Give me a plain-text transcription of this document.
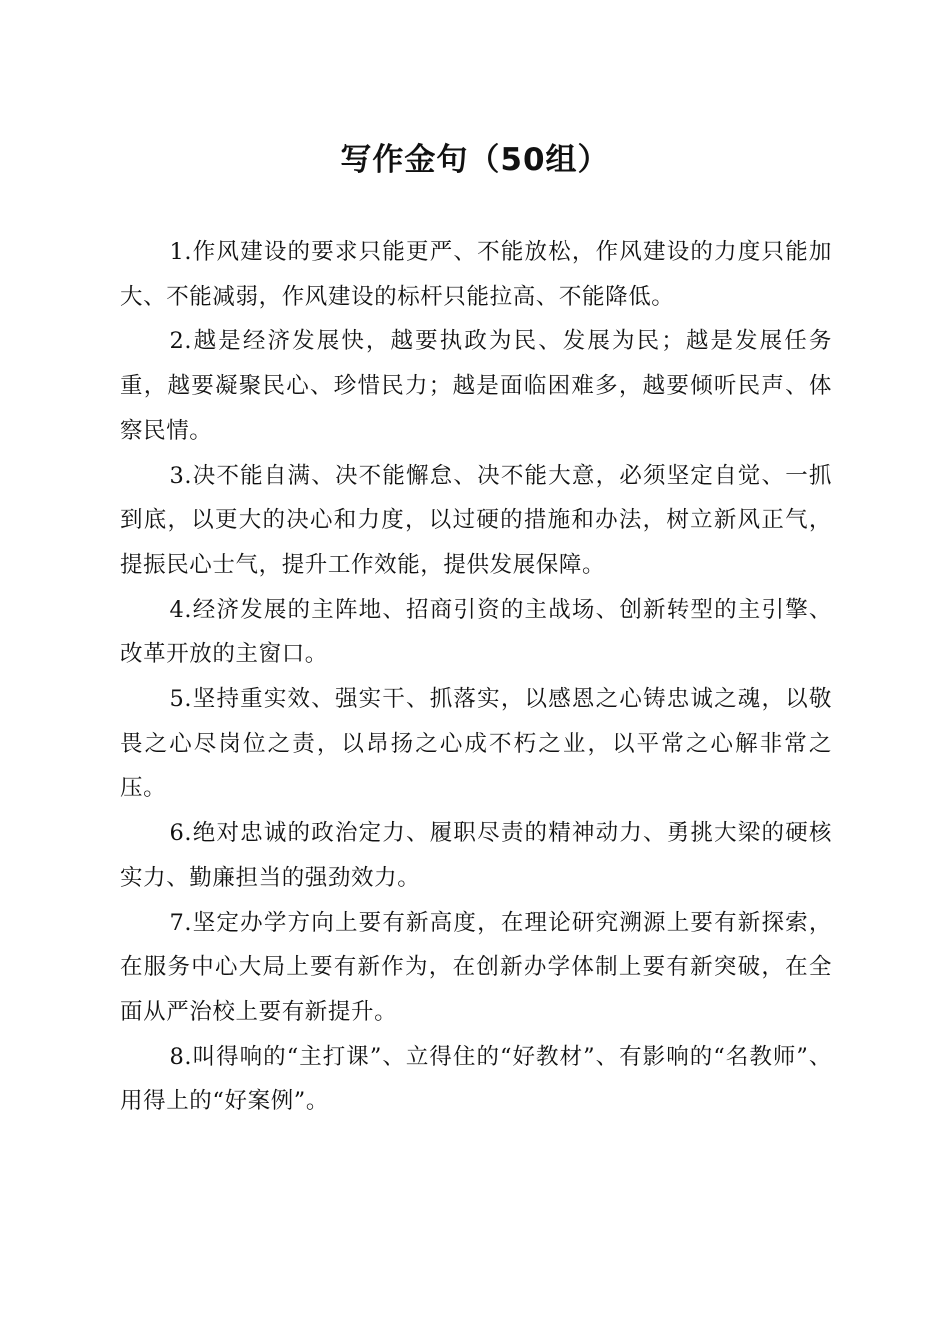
写作金句（50组）

1.作风建设的要求只能更严、不能放松，作风建设的力度只能加大、不能减弱，作风建设的标杆只能拉高、不能降低。

2.越是经济发展快，越要执政为民、发展为民；越是发展任务重，越要凝聚民心、珍惜民力；越是面临困难多，越要倾听民声、体察民情。

3.决不能自满、决不能懈怠、决不能大意，必须坚定自觉、一抓到底，以更大的决心和力度，以过硬的措施和办法，树立新风正气，提振民心士气，提升工作效能，提供发展保障。

4.经济发展的主阵地、招商引资的主战场、创新转型的主引擎、改革开放的主窗口。

5.坚持重实效、强实干、抓落实，以感恩之心铸忠诚之魂，以敬畏之心尽岗位之责，以昂扬之心成不朽之业，以平常之心解非常之压。

6.绝对忠诚的政治定力、履职尽责的精神动力、勇挑大梁的硬核实力、勤廉担当的强劲效力。

7.坚定办学方向上要有新高度，在理论研究溯源上要有新探索，在服务中心大局上要有新作为，在创新办学体制上要有新突破，在全面从严治校上要有新提升。

8.叫得响的“主打课”、立得住的“好教材”、有影响的“名教师”、用得上的“好案例”。
